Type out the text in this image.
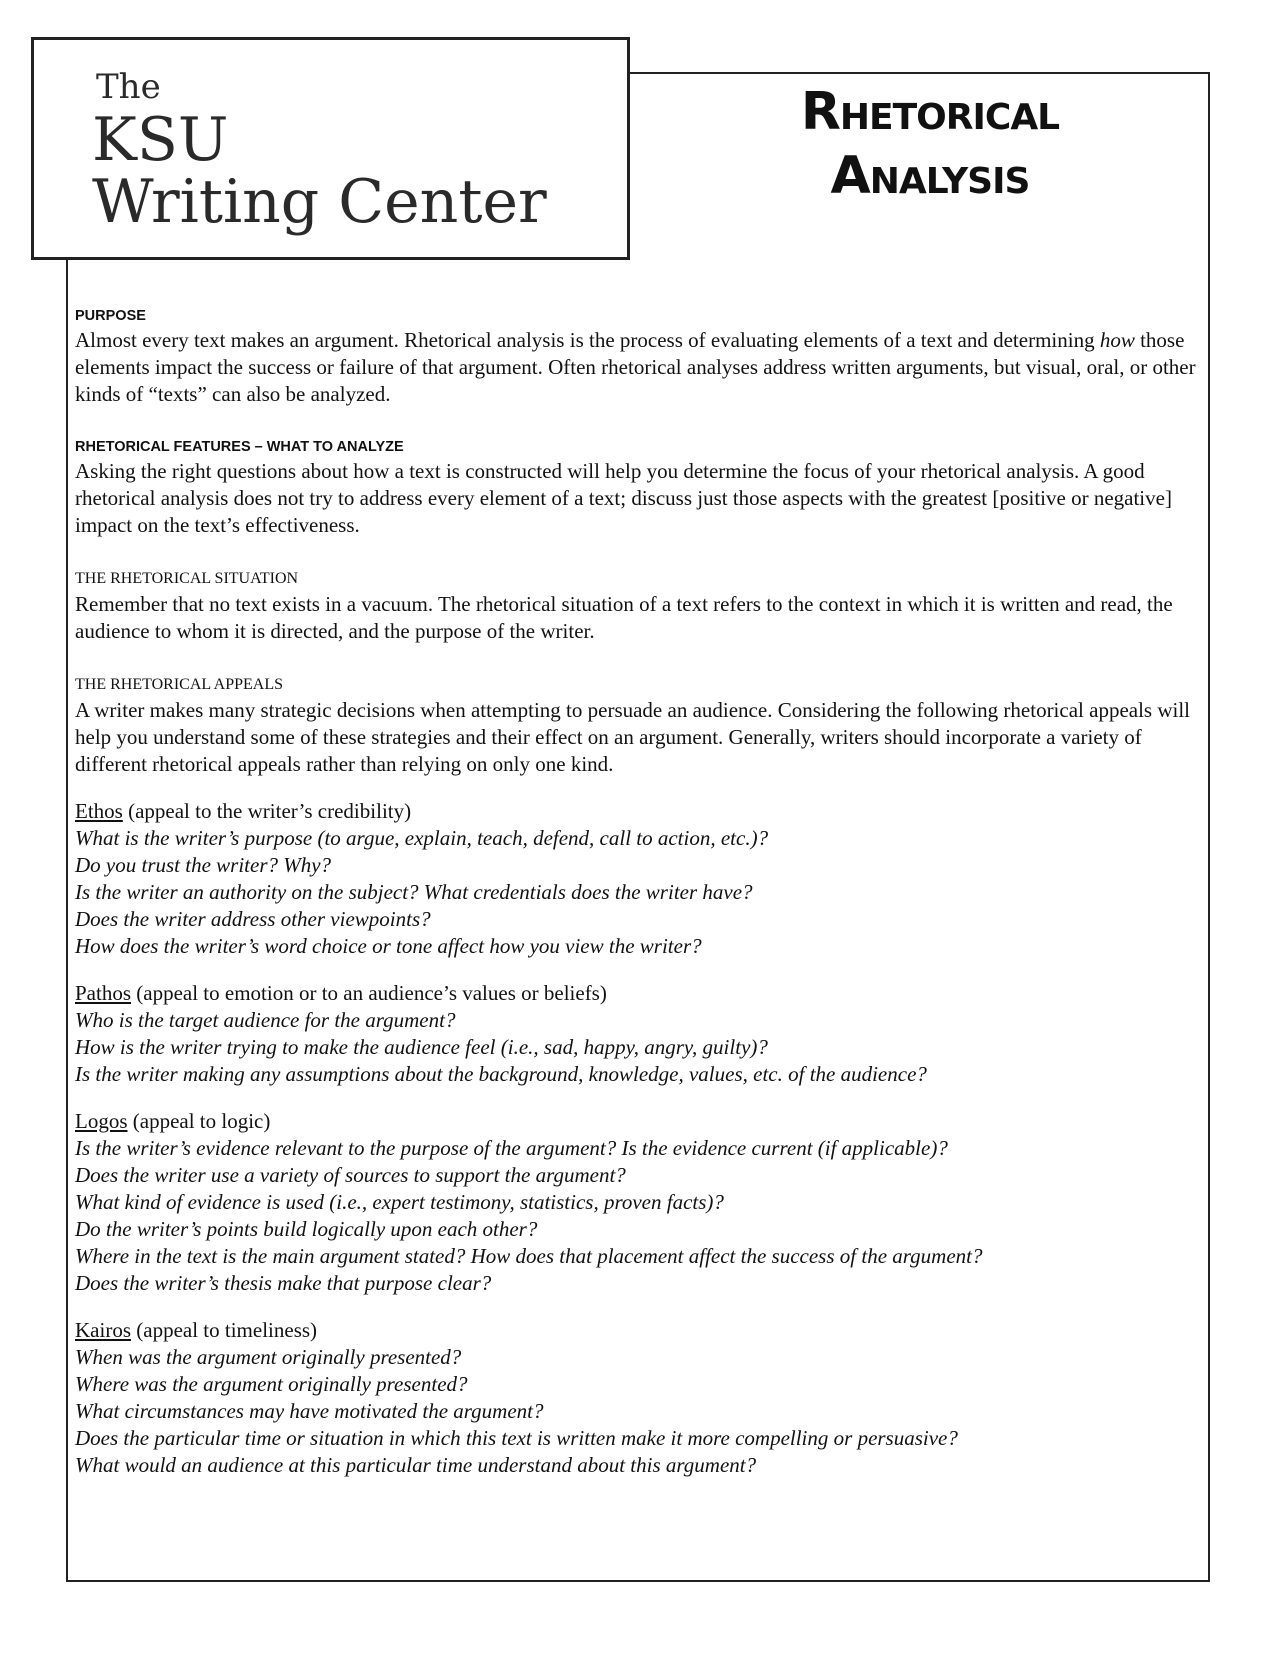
The
KSU
Writing Center
Rhetorical
Analysis
PURPOSE

Almost every text makes an argument. Rhetorical analysis is the process of evaluating elements of a text and determining how those elements impact the success or failure of that argument. Often rhetorical analyses address written arguments, but visual, oral, or other kinds of “texts” can also be analyzed.

RHETORICAL FEATURES – WHAT TO ANALYZE

Asking the right questions about how a text is constructed will help you determine the focus of your rhetorical analysis. A good rhetorical analysis does not try to address every element of a text; discuss just those aspects with the greatest [positive or negative] impact on the text’s effectiveness.

THE RHETORICAL SITUATION

Remember that no text exists in a vacuum. The rhetorical situation of a text refers to the context in which it is written and read, the audience to whom it is directed, and the purpose of the writer.

THE RHETORICAL APPEALS

A writer makes many strategic decisions when attempting to persuade an audience. Considering the following rhetorical appeals will help you understand some of these strategies and their effect on an argument. Generally, writers should incorporate a variety of different rhetorical appeals rather than relying on only one kind.

Ethos (appeal to the writer’s credibility)

What is the writer’s purpose (to argue, explain, teach, defend, call to action, etc.)?

Do you trust the writer? Why?

Is the writer an authority on the subject? What credentials does the writer have?

Does the writer address other viewpoints?

How does the writer’s word choice or tone affect how you view the writer?

Pathos (appeal to emotion or to an audience’s values or beliefs)

Who is the target audience for the argument?

How is the writer trying to make the audience feel (i.e., sad, happy, angry, guilty)?

Is the writer making any assumptions about the background, knowledge, values, etc. of the audience?

Logos (appeal to logic)

Is the writer’s evidence relevant to the purpose of the argument? Is the evidence current (if applicable)?

Does the writer use a variety of sources to support the argument?

What kind of evidence is used (i.e., expert testimony, statistics, proven facts)?

Do the writer’s points build logically upon each other?

Where in the text is the main argument stated? How does that placement affect the success of the argument?

Does the writer’s thesis make that purpose clear?

Kairos (appeal to timeliness)

When was the argument originally presented?

Where was the argument originally presented?

What circumstances may have motivated the argument?

Does the particular time or situation in which this text is written make it more compelling or persuasive?

What would an audience at this particular time understand about this argument?
